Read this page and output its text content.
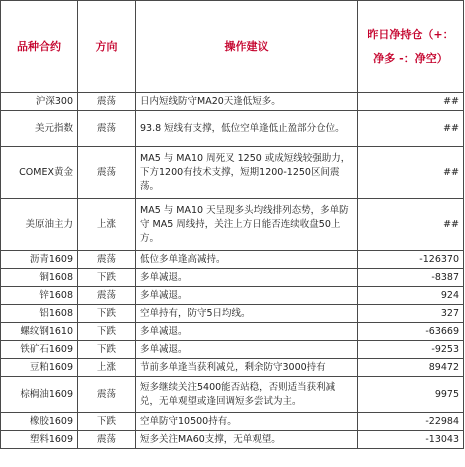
品种合约	方向	操作建议	昨日净持仓（+：净多 -：净空）
沪深300	震荡	日内短线防守MA20天逢低短多。	##
美元指数	震荡	93.8 短线有支撑，低位空单逢低止盈部分仓位。	##
COMEX黄金	震荡	MA5 与 MA10 周死叉 1250 或成短线较强助力，下方1200有技术支撑，短期1200-1250区间震荡。	##
美原油主力	上涨	MA5 与 MA10 天呈现多头均线排列态势，多单防守 MA5 周线持，关注上方日能否连续收盘50上方。	##
沥青1609	震荡	低位多单逢高减持。	-126370
铜1608	下跌	多单减退。	-8387
锌1608	震荡	多单减退。	924
铝1608	下跌	空单持有，防守5日均线。	327
螺纹钢1610	下跌	多单减退。	-63669
铁矿石1609	下跌	多单减退。	-9253
豆粕1609	上涨	节前多单逢当获利减兑，剩余防守3000持有	89472
棕榈油1609	震荡	短多继续关注5400能否站稳，否则适当获利减兑，无单观望或逢回调短多尝试为主。	9975
橡胶1609	下跌	空单防守10500持有。	-22984
塑料1609	震荡	短多关注MA60支撑，无单观望。	-13043
